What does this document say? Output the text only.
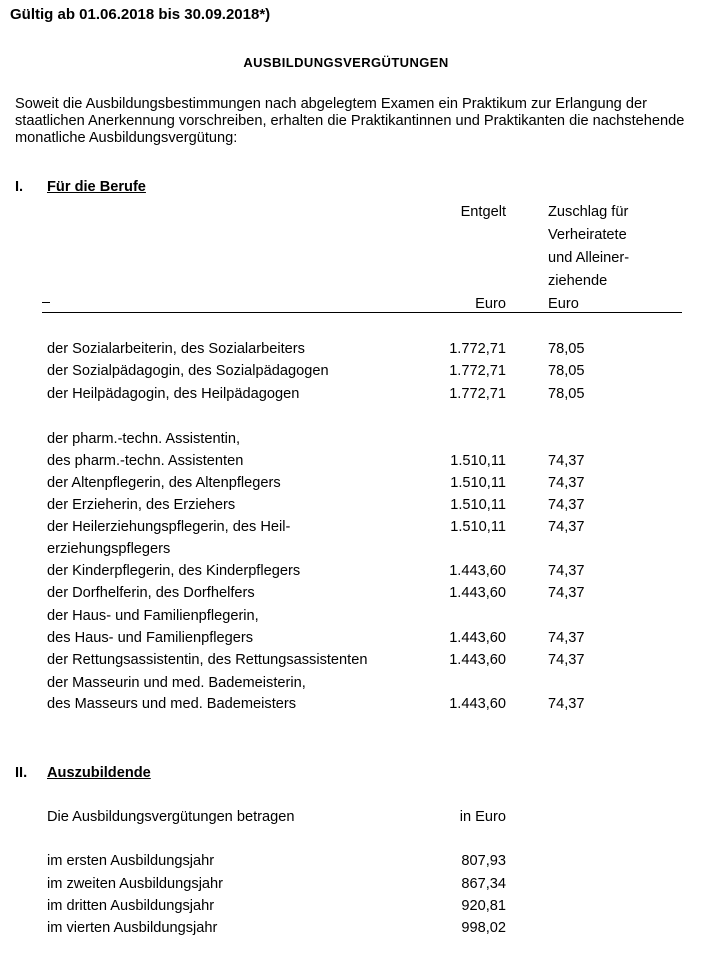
Gültig ab 01.06.2018 bis 30.09.2018*)
AUSBILDUNGSVERGÜTUNGEN
Soweit die Ausbildungsbestimmungen nach abgelegtem Examen ein Praktikum zur Erlangung der staatlichen Anerkennung vorschreiben, erhalten die Praktikantinnen und Praktikanten die nachstehende monatliche Ausbildungsvergütung:
I. Für die Berufe
Entgelt
Euro
Zuschlag für
Verheiratete
und Alleiner-
ziehende
Euro
der Sozialarbeiterin, des Sozialarbeiters	1.772,71	78,05
der Sozialpädagogin, des Sozialpädagogen	1.772,71	78,05
der Heilpädagogin, des Heilpädagogen	1.772,71	78,05
der pharm.-techn. Assistentin,
des pharm.-techn. Assistenten	1.510,11	74,37
der Altenpflegerin, des Altenpflegers	1.510,11	74,37
der Erzieherin, des Erziehers	1.510,11	74,37
der Heilerziehungspflegerin, des Heil-	1.510,11	74,37
erziehungspflegers
der Kinderpflegerin, des Kinderpflegers	1.443,60	74,37
der Dorfhelferin, des Dorfhelfers	1.443,60	74,37
der Haus- und Familienpflegerin,
des Haus- und Familienpflegers	1.443,60	74,37
der Rettungsassistentin, des Rettungsassistenten	1.443,60	74,37
der Masseurin und med. Bademeisterin,
des Masseurs und med. Bademeisters	1.443,60	74,37
II. Auszubildende
Die Ausbildungsvergütungen betragen	in Euro
im ersten Ausbildungsjahr	807,93
im zweiten Ausbildungsjahr	867,34
im dritten Ausbildungsjahr	920,81
im vierten Ausbildungsjahr	998,02
